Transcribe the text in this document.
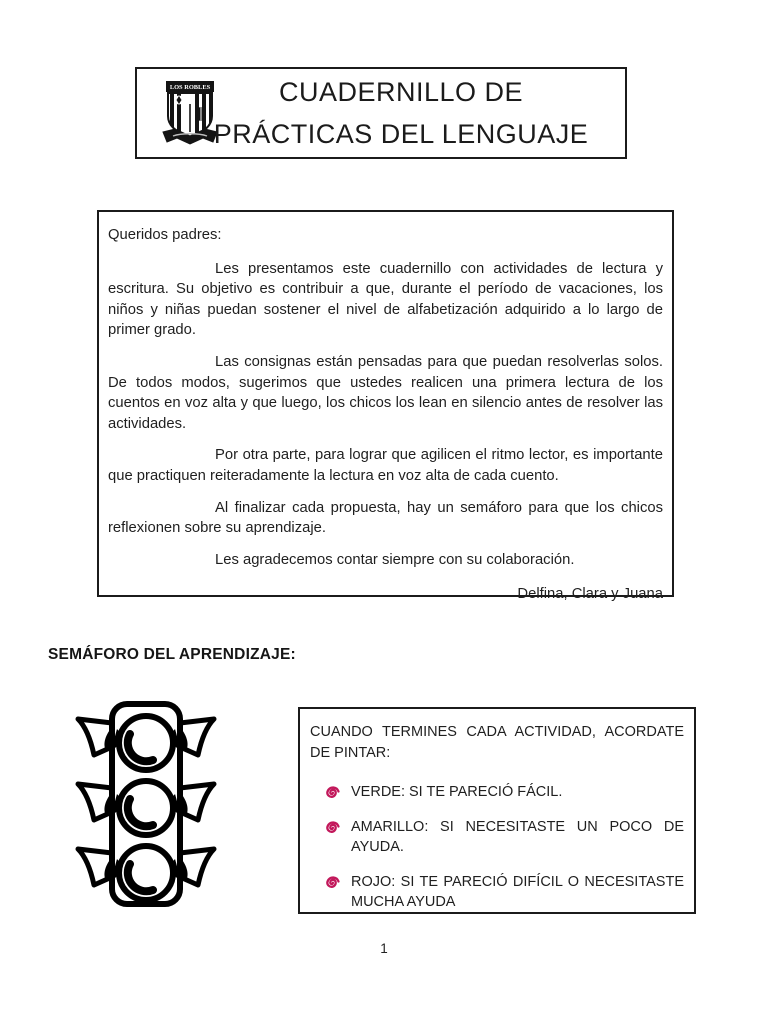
LOS ROBLES	CUADERNILLO DE
PRÁCTICAS DEL LENGUAJE

Queridos padres:

Les presentamos este cuadernillo con actividades de lectura y escritura. Su objetivo es contribuir a que, durante el período de vacaciones, los niños y niñas puedan sostener el nivel de alfabetización adquirido a lo largo de primer grado.

Las consignas están pensadas para que puedan resolverlas solos. De todos modos, sugerimos que ustedes realicen una primera lectura de los cuentos en voz alta y que luego, los chicos los lean en silencio antes de resolver las actividades.

Por otra parte, para lograr que agilicen el ritmo lector, es importante que practiquen reiteradamente la lectura en voz alta de cada cuento.

Al finalizar cada propuesta, hay un semáforo para que los chicos reflexionen sobre su aprendizaje.

Les agradecemos contar siempre con su colaboración.

Delfina, Clara y Juana

SEMÁFORO DEL APRENDIZAJE:

CUANDO TERMINES CADA ACTIVIDAD, ACORDATE DE PINTAR:

VERDE: SI TE PARECIÓ FÁCIL.
AMARILLO: SI NECESITASTE UN POCO DE AYUDA.
ROJO: SI TE PARECIÓ DIFÍCIL O NECESITASTE MUCHA AYUDA
1
